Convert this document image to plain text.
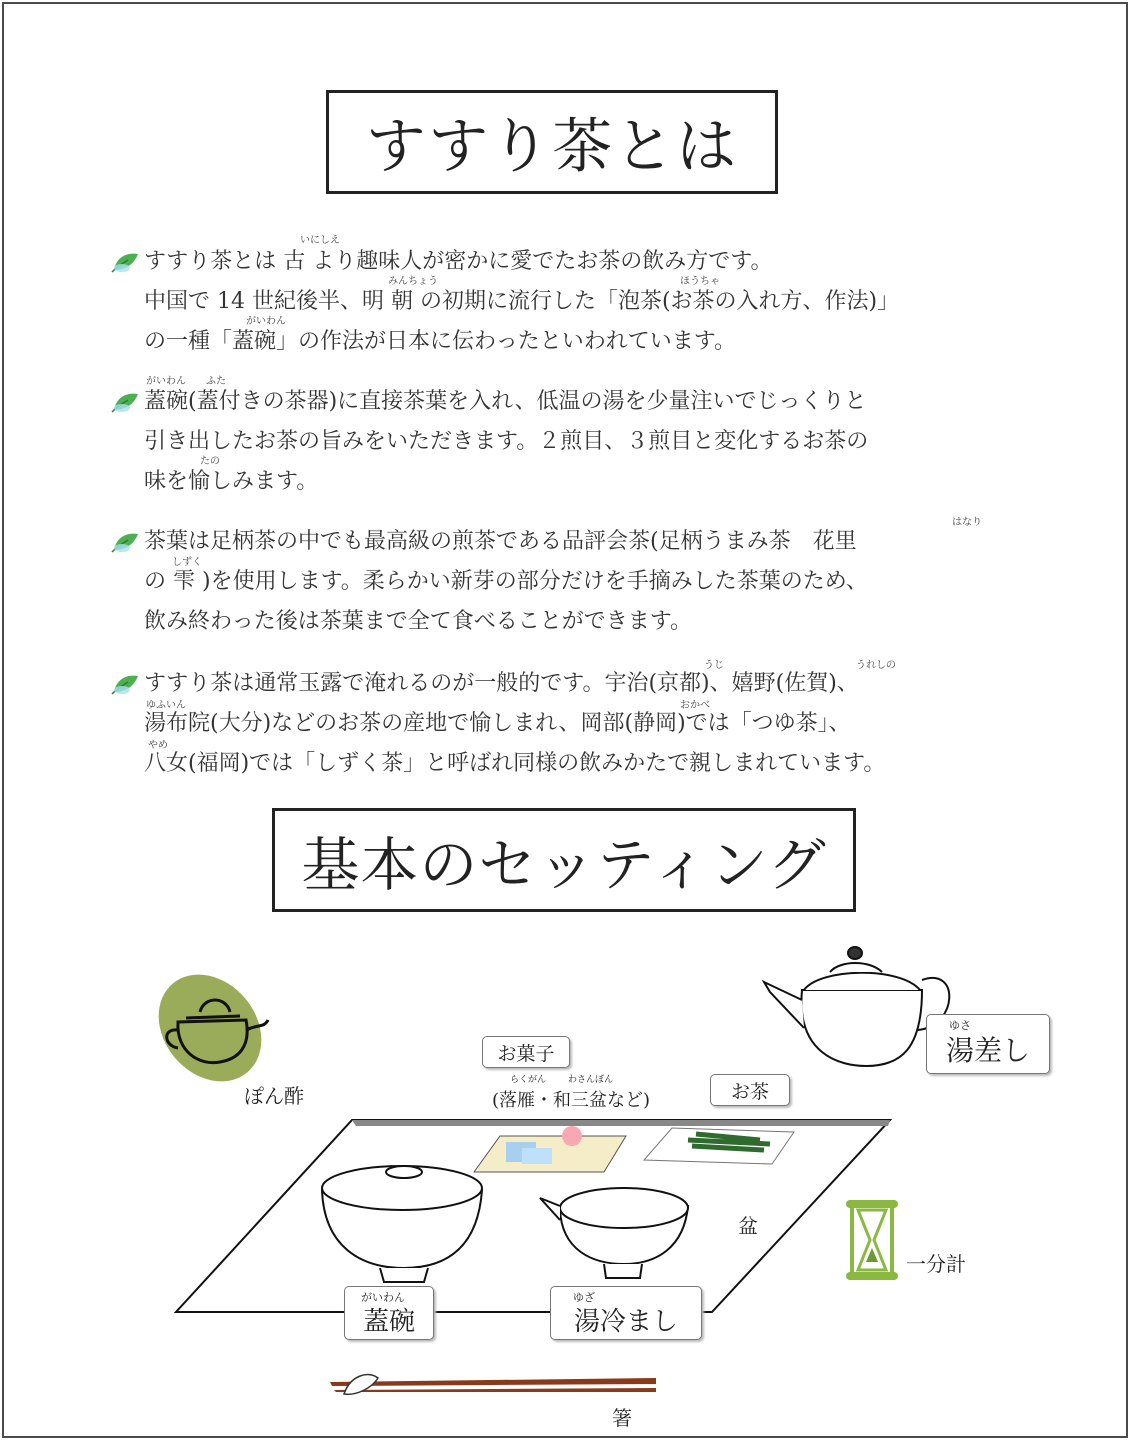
すすり茶とは
すすり茶とは 古 より趣味人が密かに愛でたお茶の飲み方です。
中国で 14 世紀後半、明 朝 の初期に流行した「泡茶(お茶の入れ方、作法)」
の一種「蓋碗」の作法が日本に伝わったといわれています。
いにしえ
みんちょう	ほうちゃ
がいわん
蓋碗(蓋付きの茶器)に直接茶葉を入れ、低温の湯を少量注いでじっくりと
引き出したお茶の旨みをいただきます。２煎目、３煎目と変化するお茶の
味を愉しみます。
がいわん ふた
たの
茶葉は足柄茶の中でも最高級の煎茶である品評会茶(足柄うまみ茶　花里
の 雫 )を使用します。柔らかい新芽の部分だけを手摘みした茶葉のため、
飲み終わった後は茶葉まで全て食べることができます。
はなり
しずく
すすり茶は通常玉露で淹れるのが一般的です。宇治(京都)、嬉野(佐賀)、
湯布院(大分)などのお茶の産地で愉しまれ、岡部(静岡)では「つゆ茶」、
八女(福岡)では「しずく茶」と呼ばれ同様の飲みかたで親しまれています。
うじ	うれしの
ゆふいん	おかべ
やめ
基本のセッティング
ぽん酢
お菓子
らくがん わさんぼん
(落雁・和三盆など)	お茶
ゆさ
湯差し
盆
一分計
がいわん
蓋碗
ゆざ
湯冷まし
箸
